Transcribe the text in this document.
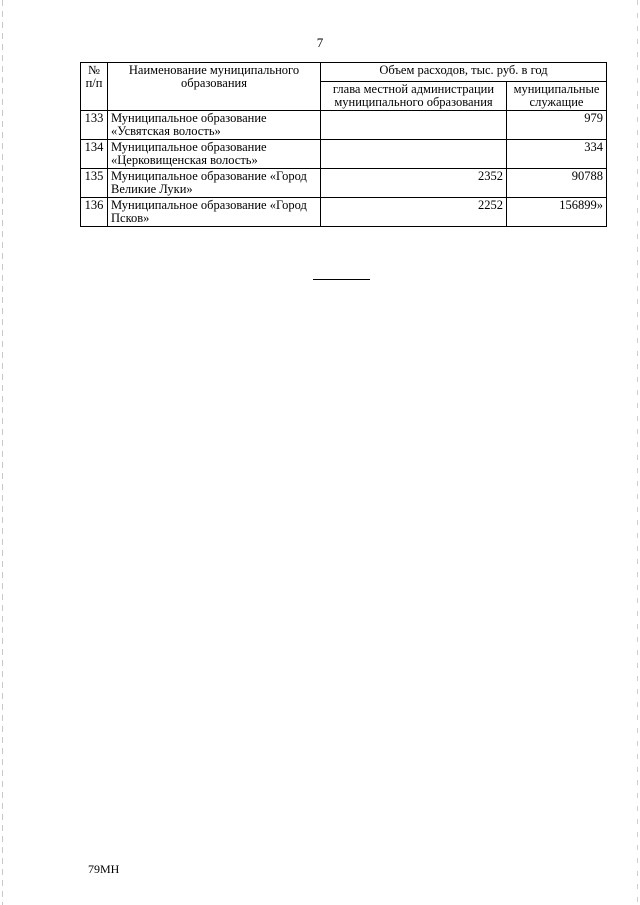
7
№ п/п	Наименование муниципального образования	Объем расходов, тыс. руб. в год	
		глава местной администрации муниципального образования	муниципальные служащие
133	Муниципальное образование «Усвятская волость»		979
134	Муниципальное образование «Церковищенская волость»		334
135	Муниципальное образование «Город Великие Луки»	2352	90788
136	Муниципальное образование «Город Псков»	2252	156899»
79МН
